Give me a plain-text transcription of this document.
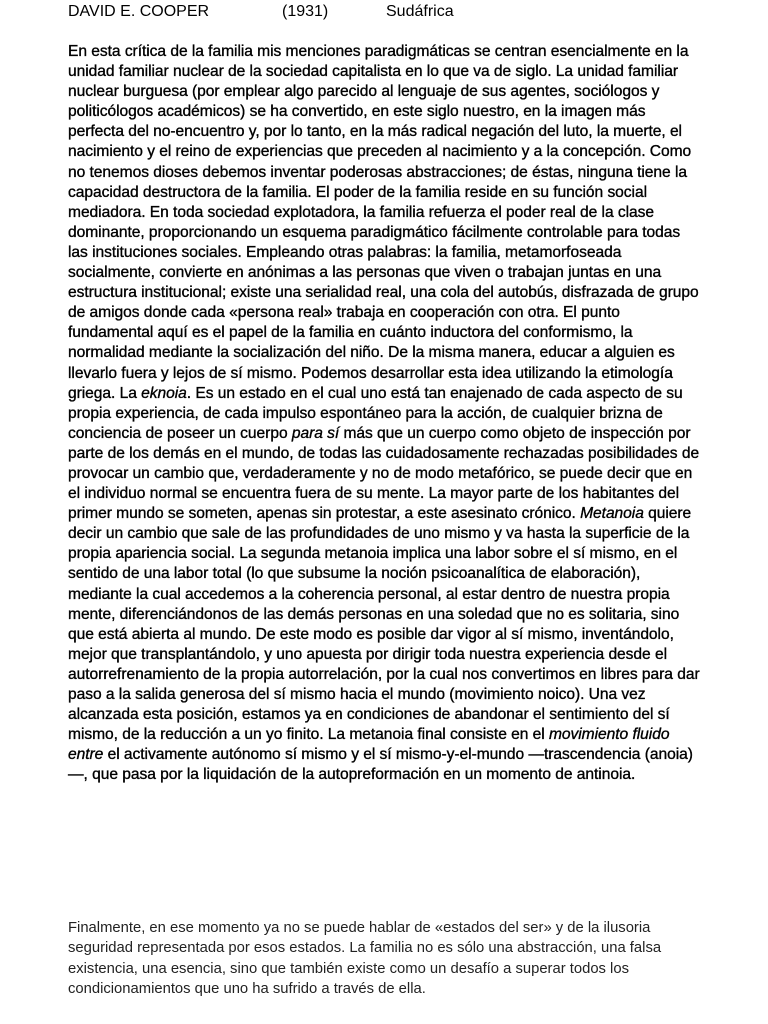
DAVID E. COOPER	(1931)	Sudáfrica

En esta crítica de la familia mis menciones paradigmáticas se centran esencialmente en la unidad familiar nuclear de la sociedad capitalista en lo que va de siglo. La unidad familiar nuclear burguesa (por emplear algo parecido al lenguaje de sus agentes, sociólogos y politicólogos académicos) se ha convertido, en este siglo nuestro, en la imagen más perfecta del no-encuentro y, por lo tanto, en la más radical negación del luto, la muerte, el nacimiento y el reino de experiencias que preceden al nacimiento y a la concepción. Como no tenemos dioses debemos inventar poderosas abstracciones; de éstas, ninguna tiene la capacidad destructora de la familia. El poder de la familia reside en su función social mediadora. En toda sociedad explotadora, la familia refuerza el poder real de la clase dominante, proporcionando un esquema paradigmático fácilmente controlable para todas las instituciones sociales. Empleando otras palabras: la familia, metamorfoseada socialmente, convierte en anónimas a las personas que viven o trabajan juntas en una estructura institucional; existe una serialidad real, una cola del autobús, disfrazada de grupo de amigos donde cada «persona real» trabaja en cooperación con otra. El punto fundamental aquí es el papel de la familia en cuánto inductora del conformismo, la normalidad mediante la socialización del niño. De la misma manera, educar a alguien es llevarlo fuera y lejos de sí mismo. Podemos desarrollar esta idea utilizando la etimología griega. La eknoia. Es un estado en el cual uno está tan enajenado de cada aspecto de su propia experiencia, de cada impulso espontáneo para la acción, de cualquier brizna de conciencia de poseer un cuerpo para sí más que un cuerpo como objeto de inspección por parte de los demás en el mundo, de todas las cuidadosamente rechazadas posibilidades de provocar un cambio que, verdaderamente y no de modo metafórico, se puede decir que en el individuo normal se encuentra fuera de su mente. La mayor parte de los habitantes del primer mundo se someten, apenas sin protestar, a este asesinato crónico. Metanoia quiere decir un cambio que sale de las profundidades de uno mismo y va hasta la superficie de la propia apariencia social. La segunda metanoia implica una labor sobre el sí mismo, en el sentido de una labor total (lo que subsume la noción psicoanalítica de elaboración), mediante la cual accedemos a la coherencia personal, al estar dentro de nuestra propia mente, diferenciándonos de las demás personas en una soledad que no es solitaria, sino que está abierta al mundo. De este modo es posible dar vigor al sí mismo, inventándolo, mejor que transplantándolo, y uno apuesta por dirigir toda nuestra experiencia desde el autorrefrenamiento de la propia autorrelación, por la cual nos convertimos en libres para dar paso a la salida generosa del sí mismo hacia el mundo (movimiento noico). Una vez alcanzada esta posición, estamos ya en condiciones de abandonar el sentimiento del sí mismo, de la reducción a un yo finito. La metanoia final consiste en el movimiento fluido entre el activamente autónomo sí mismo y el sí mismo-y-el-mundo —trascendencia (anoia)—, que pasa por la liquidación de la autopreformación en un momento de antinoia.

Finalmente, en ese momento ya no se puede hablar de «estados del ser» y de la ilusoria seguridad representada por esos estados. La familia no es sólo una abstracción, una falsa existencia, una esencia, sino que también existe como un desafío a superar todos los condicionamientos que uno ha sufrido a través de ella.
